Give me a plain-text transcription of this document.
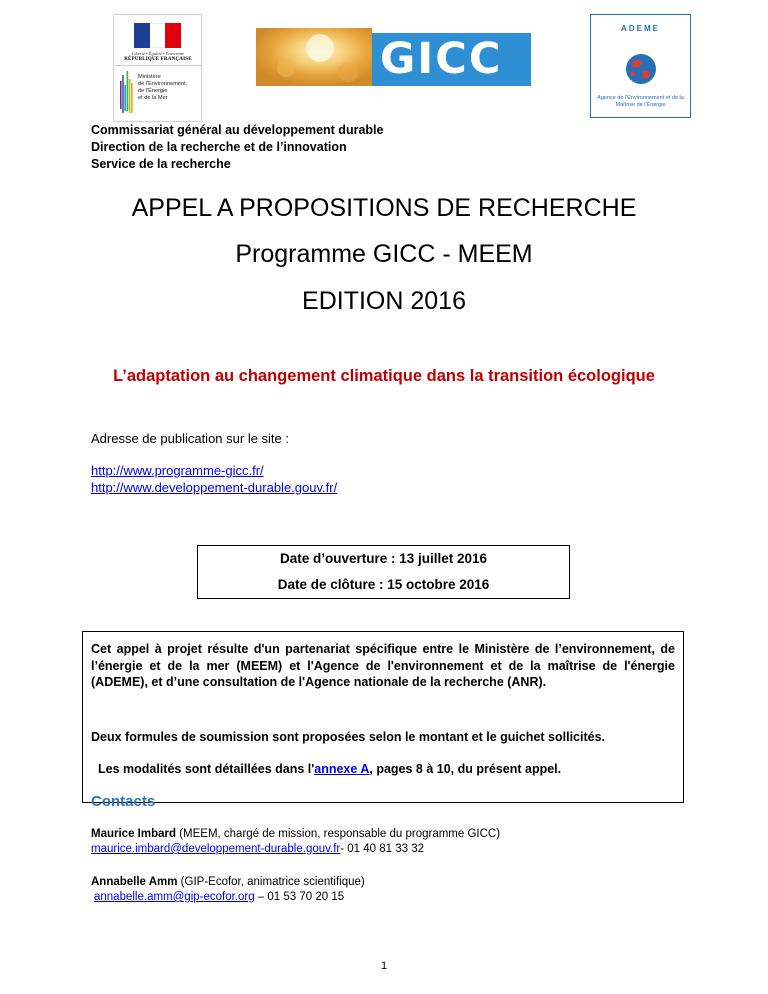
Liberté • Égalité • Fraternité
RÉPUBLIQUE FRANÇAISE
Ministère
de l'Environnement,
de l'Énergie
et de la Mer
GICC
ADEME
Agence de l'Environnement et de la Maîtrise de l'Énergie
Commissariat général au développement durable
Direction de la recherche et de l’innovation
Service de la recherche
APPEL A PROPOSITIONS DE RECHERCHE
Programme GICC - MEEM
EDITION 2016
L’adaptation au changement climatique dans la transition écologique
Adresse de publication sur le site :
http://www.programme-gicc.fr/
http://www.developpement-durable.gouv.fr/
Date d’ouverture : 13 juillet 2016
Date de clôture : 15 octobre 2016
Cet appel à projet résulte d'un partenariat spécifique entre le Ministère de l’environnement, de l’énergie et de la mer (MEEM) et l'Agence de l'environnement et de la maîtrise de l'énergie (ADEME), et d’une consultation de l'Agence nationale de la recherche (ANR).
Deux formules de soumission sont proposées selon le montant et le guichet sollicités.
Les modalités sont détaillées dans l'annexe A, pages 8 à 10, du présent appel.
Contacts
Maurice Imbard (MEEM, chargé de mission, responsable du programme GICC)
maurice.imbard@developpement-durable.gouv.fr- 01 40 81 33 32
Annabelle Amm (GIP-Ecofor, animatrice scientifique)
annabelle.amm@gip-ecofor.org – 01 53 70 20 15
1
